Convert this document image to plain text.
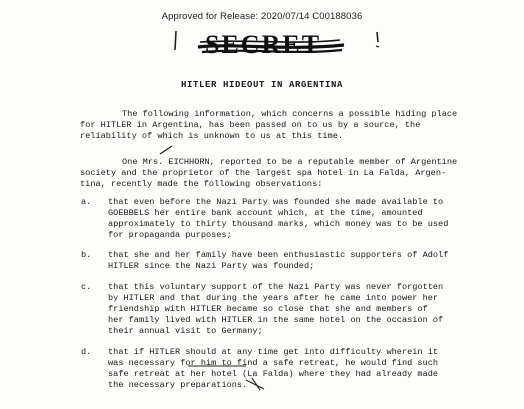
Approved for Release: 2020/07/14 C00188036
SECRET
HITLER HIDEOUT IN ARGENTINA
The following information, which concerns a possible hiding place
for HITLER in Argentina, has been passed on to us by a source, the
reliability of which is unknown to us at this time.
One Mrs. EICHHORN, reported to be a reputable member of Argentine
society and the proprietor of the largest spa hotel in La Falda, Argen-
tina, recently made the following observations:
a. that even before the Nazi Party was founded she made available to
GOEBBELS her entire bank account which, at the time, amounted
approximately to thirty thousand marks, which money was to be used
for propaganda purposes;
b. that she and her family have been enthusiastic supporters of Adolf
HITLER since the Nazi Party was founded;
c. that this voluntary support of the Nazi Party was never forgotten
by HITLER and that during the years after he came into power her
friendship with HITLER became so close that she and members of
her family lived with HITLER in the same hotel on the occasion of
their annual visit to Germany;
d. that if HITLER should at any time get into difficulty wherein it
was necessary for him to find a safe retreat, he would find such
safe retreat at her hotel (La Falda) where they had already made
the necessary preparations.
